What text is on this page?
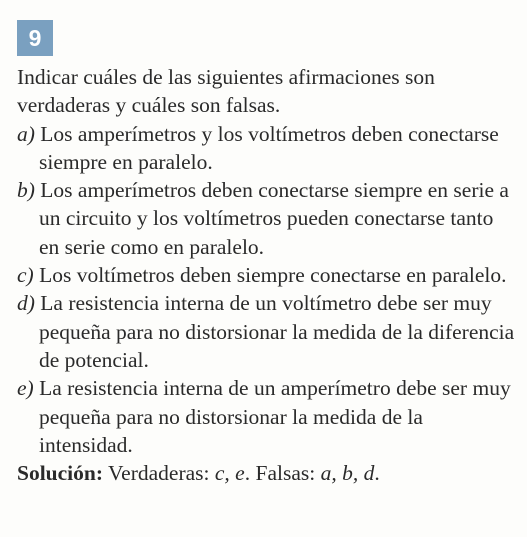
9

Indicar cuáles de las siguientes afirmaciones son verdaderas y cuáles son falsas.

a) Los amperímetros y los voltímetros deben conectarse siempre en paralelo.

b) Los amperímetros deben conectarse siempre en serie a un circuito y los voltímetros pueden conectarse tanto en serie como en paralelo.

c) Los voltímetros deben siempre conectarse en paralelo.

d) La resistencia interna de un voltímetro debe ser muy pequeña para no distorsionar la medida de la diferencia de potencial.

e) La resistencia interna de un amperímetro debe ser muy pequeña para no distorsionar la medida de la intensidad.

Solución: Verdaderas: c, e. Falsas: a, b, d.
